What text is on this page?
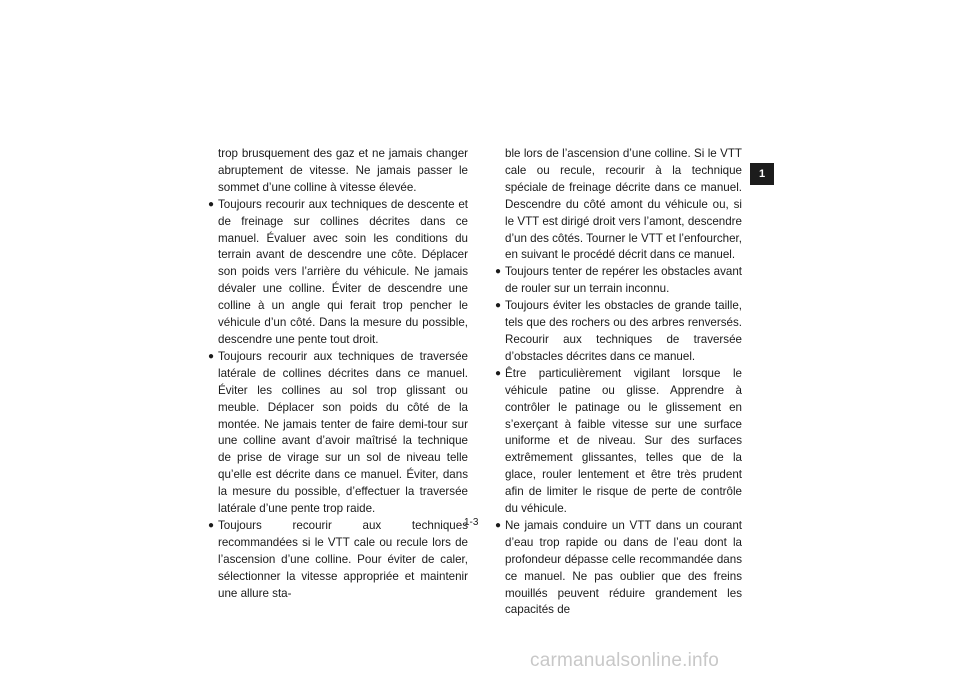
trop brusquement des gaz et ne jamais changer abruptement de vitesse. Ne jamais passer le sommet d’une colline à vitesse élevée.

● Toujours recourir aux techniques de descente et de freinage sur collines décrites dans ce manuel. Évaluer avec soin les conditions du terrain avant de descendre une côte. Déplacer son poids vers l’arrière du véhicule. Ne jamais dévaler une colline. Éviter de descendre une colline à un angle qui ferait trop pencher le véhicule d’un côté. Dans la mesure du possible, descendre une pente tout droit.
● Toujours recourir aux techniques de traversée latérale de collines décrites dans ce manuel. Éviter les collines au sol trop glissant ou meuble. Déplacer son poids du côté de la montée. Ne jamais tenter de faire demi-tour sur une colline avant d’avoir maîtrisé la technique de prise de virage sur un sol de niveau telle qu’elle est décrite dans ce manuel. Éviter, dans la mesure du possible, d’effectuer la traversée latérale d’une pente trop raide.
● Toujours recourir aux techniques recommandées si le VTT cale ou recule lors de l’ascension d’une colline. Pour éviter de caler, sélectionner la vitesse appropriée et maintenir une allure sta-

ble lors de l’ascension d’une colline. Si le VTT cale ou recule, recourir à la technique spéciale de freinage décrite dans ce manuel. Descendre du côté amont du véhicule ou, si le VTT est dirigé droit vers l’amont, descendre d’un des côtés. Tourner le VTT et l’enfourcher, en suivant le procédé décrit dans ce manuel.

● Toujours tenter de repérer les obstacles avant de rouler sur un terrain inconnu.
● Toujours éviter les obstacles de grande taille, tels que des rochers ou des arbres renversés. Recourir aux techniques de traversée d’obstacles décrites dans ce manuel.
● Être particulièrement vigilant lorsque le véhicule patine ou glisse. Apprendre à contrôler le patinage ou le glissement en s’exerçant à faible vitesse sur une surface uniforme et de niveau. Sur des surfaces extrêmement glissantes, telles que de la glace, rouler lentement et être très prudent afin de limiter le risque de perte de contrôle du véhicule.
● Ne jamais conduire un VTT dans un courant d’eau trop rapide ou dans de l’eau dont la profondeur dépasse celle recommandée dans ce manuel. Ne pas oublier que des freins mouillés peuvent réduire grandement les capacités de
1
1-3
carmanualsonline.info
